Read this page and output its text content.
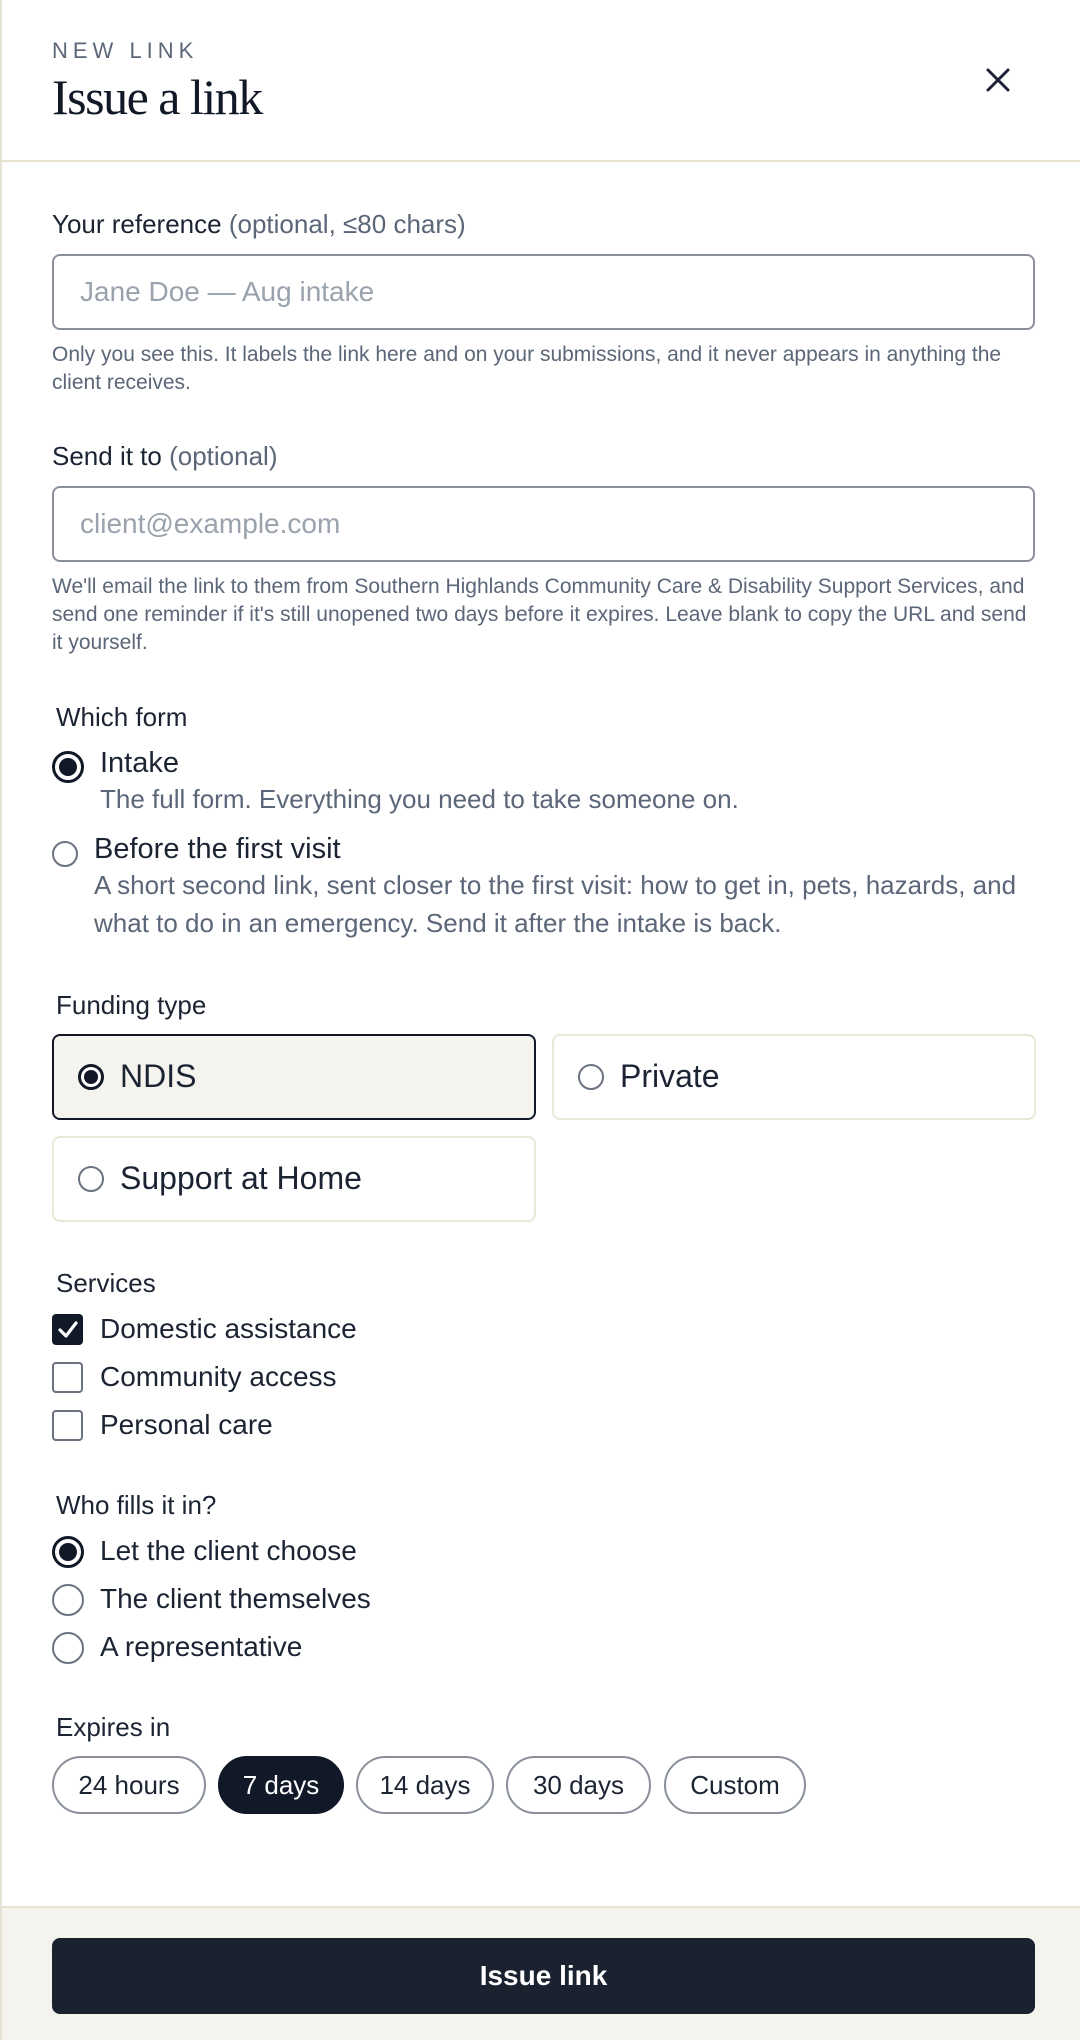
NEW LINK
Issue a link
Your reference (optional, ≤80 chars)
Jane Doe — Aug intake
Only you see this. It labels the link here and on your submissions, and it never appears in anything the client receives.
Send it to (optional)
client@example.com
We'll email the link to them from Southern Highlands Community Care & Disability Support Services, and send one reminder if it's still unopened two days before it expires. Leave blank to copy the URL and send it yourself.
Which form
Intake
The full form. Everything you need to take someone on.
Before the first visit
A short second link, sent closer to the first visit: how to get in, pets, hazards, and what to do in an emergency. Send it after the intake is back.
Funding type
NDIS	Private
Support at Home
Services
Domestic assistance
Community access
Personal care
Who fills it in?
Let the client choose
The client themselves
A representative
Expires in
24 hours	7 days	14 days	30 days	Custom
Issue link
